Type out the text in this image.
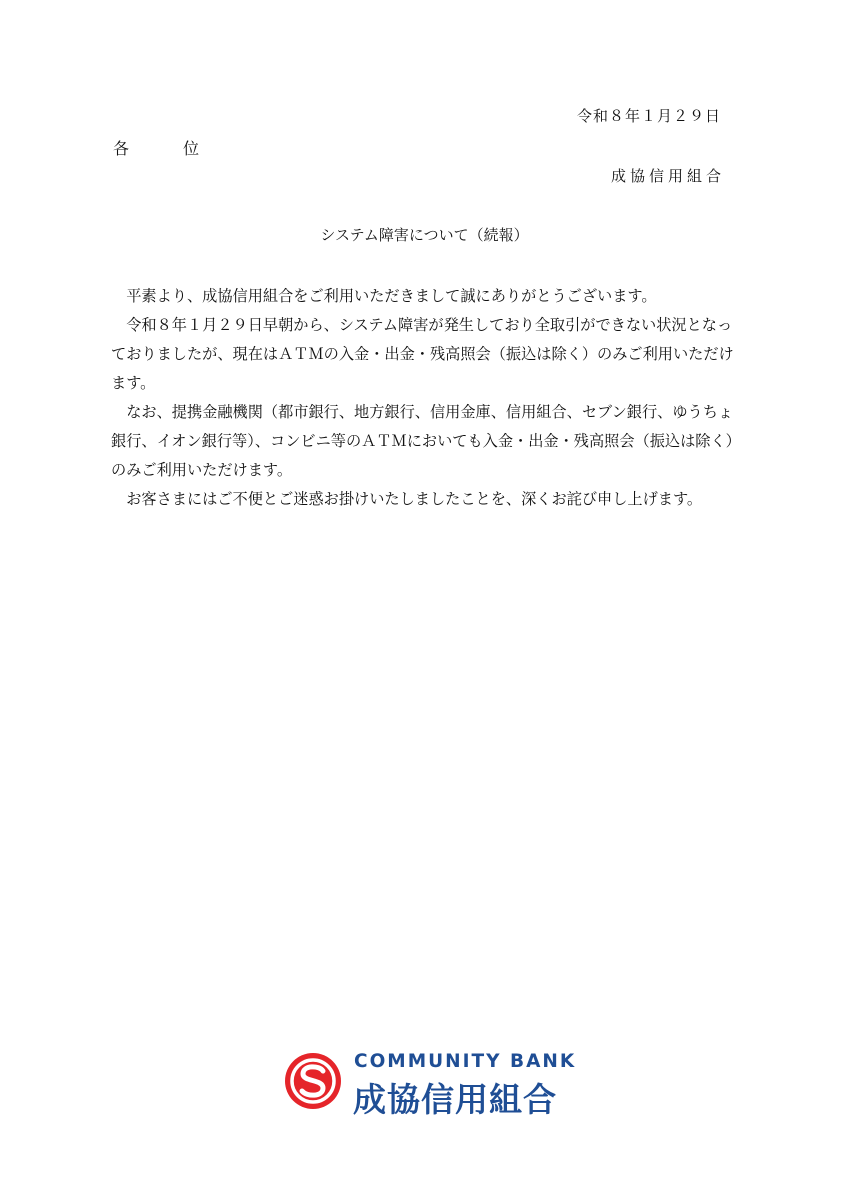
令和８年１月２９日
各	位
成協信用組合
システム障害について（続報）

平素より、成協信用組合をご利用いただきまして誠にありがとうございます。

令和８年１月２９日早朝から、システム障害が発生しており全取引ができない状況となっておりましたが、現在はＡＴＭの入金・出金・残高照会（振込は除く）のみご利用いただけます。

なお、提携金融機関（都市銀行、地方銀行、信用金庫、信用組合、セブン銀行、ゆうちょ銀行、イオン銀行等）、コンビニ等のＡＴＭにおいても入金・出金・残高照会（振込は除く）のみご利用いただけます。

お客さまにはご不便とご迷惑お掛けいたしましたことを、深くお詫び申し上げます。

COMMUNITY BANK
成協信用組合
